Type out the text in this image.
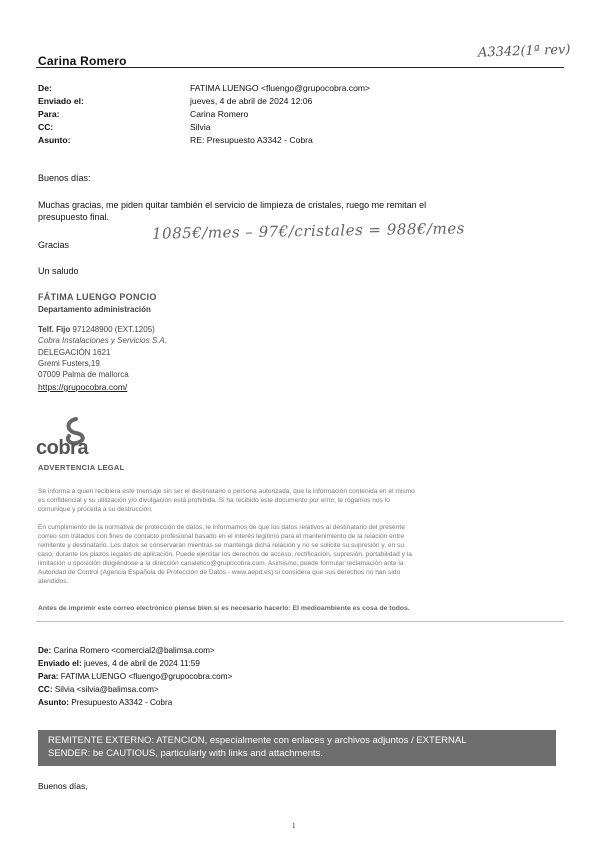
Carina Romero
A3342(1ª rev)
De:	FATIMA LUENGO <fluengo@grupocobra.com>
Enviado el:	jueves, 4 de abril de 2024 12:06
Para:	Carina Romero
CC:	Silvia
Asunto:	RE: Presupuesto A3342 - Cobra
Buenos días:
Muchas gracias, me piden quitar también el servicio de limpieza de cristales, ruego me remitan el
presupuesto final.
1085€/mes – 97€/cristales = 988€/mes
Gracias
Un saludo
FÁTIMA LUENGO PONCIO
Departamento administración
Telf. Fijo 971248900 (EXT.1205)
Cobra Instalaciones y Servicios S.A.
DELEGACIÓN 1621
Gremi Fusters,19
07009 Palma de mallorca
https://grupocobra.com/
cobra
ADVERTENCIA LEGAL
Se informa a quien recibiera este mensaje sin ser el destinatario o persona autorizada, que la información contenida en el mismo
es confidencial y su utilización y/o divulgación está prohibida. Si ha recibido este documento por error, le rogamos nos lo
comunique y proceda a su destrucción.
En cumplimiento de la normativa de protección de datos, le informamos de que los datos relativos al destinatario del presente
correo son tratados con fines de contacto profesional basado en el interés legítimo para el mantenimiento de la relación entre
remitente y destinatario. Los datos se conservarán mientras se mantenga dicha relación y no se solicite su supresión y, en su
caso, durante los plazos legales de aplicación. Puede ejercitar los derechos de acceso, rectificación, supresión, portabilidad y la
limitación u oposición dirigiéndose a la dirección canaletico@grupocobra.com. Asimismo, puede formular reclamación ante la
Autoridad de Control (Agencia Española de Protección de Datos - www.aepd.es) si considera que sus derechos no han sido
atendidos.
Antes de imprimir este correo electrónico piense bien si es necesario hacerlo: El medioambiente es cosa de todos.
De: Carina Romero <comercial2@balimsa.com>
Enviado el: jueves, 4 de abril de 2024 11:59
Para: FATIMA LUENGO <fluengo@grupocobra.com>
CC: Silvia <silvia@balimsa.com>
Asunto: Presupuesto A3342 - Cobra
REMITENTE EXTERNO: ATENCION, especialmente con enlaces y archivos adjuntos / EXTERNAL
SENDER: be CAUTIOUS, particularly with links and attachments.
Buenos días,
1
